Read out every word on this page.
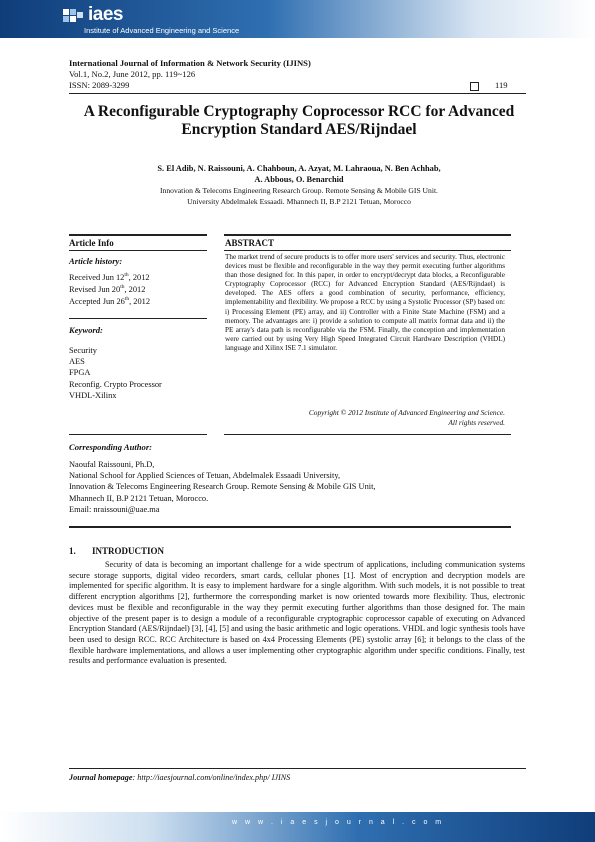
iaes
Institute of Advanced Engineering and Science
International Journal of Information & Network Security (IJINS)
Vol.1, No.2, June 2012, pp. 119~126
ISSN: 2089-3299	119
A Reconfigurable Cryptography Coprocessor RCC for Advanced
Encryption Standard AES/Rijndael
S. El Adib, N. Raissouni, A. Chahboun, A. Azyat, M. Lahraoua, N. Ben Achhab,
A. Abbous, O. Benarchid
Innovation & Telecoms Engineering Research Group. Remote Sensing & Mobile GIS Unit.
University Abdelmalek Essaadi. Mhannech II, B.P 2121 Tetuan, Morocco
Article Info	ABSTRACT
Article history:
Received Jun 12th, 2012
Revised Jun 20th, 2012
Accepted Jun 26th, 2012
Keyword:
Security
AES
FPGA
Reconfig. Crypto Processor
VHDL-Xilinx
The market trend of secure products is to offer more users' services and security. Thus, electronic devices must be flexible and reconfigurable in the way they permit executing further algorithms than those designed for. In this paper, in order to encrypt/decrypt data blocks, a Reconfigurable Cryptography Coprocessor (RCC) for Advanced Encryption Standard (AES/Rijndael) is developed. The AES offers a good combination of security, performance, efficiency, implementability and flexibility. We propose a RCC by using a Systolic Processor (SP) based on: i) Processing Element (PE) array, and ii) Controller with a Finite State Machine (FSM) and a memory. The advantages are: i) provide a solution to compute all matrix format data and ii) the PE array's data path is reconfigurable via the FSM. Finally, the conception and implementation were carried out by using Very High Speed Integrated Circuit Hardware Description (VHDL) language and Xilinx ISE 7.1 simulator.
Copyright © 2012 Institute of Advanced Engineering and Science.
All rights reserved.
Corresponding Author:
Naoufal Raissouni, Ph.D,
National School for Applied Sciences of Tetuan, Abdelmalek Essaadi University,
Innovation & Telecoms Engineering Research Group. Remote Sensing & Mobile GIS Unit,
Mhannech II, B.P 2121 Tetuan, Morocco.
Email: nraissouni@uae.ma
1. INTRODUCTION
Security of data is becoming an important challenge for a wide spectrum of applications, including communication systems secure storage supports, digital video recorders, smart cards, cellular phones [1]. Most of encryption and decryption models are implemented for specific algorithm. It is easy to implement hardware for a single algorithm. With such models, it is not possible to treat different encryption algorithms [2], furthermore the corresponding market is now oriented towards more flexibility. Thus, electronic devices must be flexible and reconfigurable in the way they permit executing further algorithms than those designed for. The main objective of the present paper is to design a module of a reconfigurable cryptographic coprocessor capable of executing on Advanced Encryption Standard (AES/Rijndael) [3], [4], [5] and using the basic arithmetic and logic operations. VHDL and logic synthesis tools have been used to design RCC. RCC Architecture is based on 4x4 Processing Elements (PE) systolic array [6]; it belongs to the class of the flexible hardware implementations, and allows a user implementing other cryptographic algorithm under specific conditions. Finally, test results and performance evaluation is presented.
Journal homepage: http://iaesjournal.com/online/index.php/ IJINS
w w w . i a e s j o u r n a l . c o m
